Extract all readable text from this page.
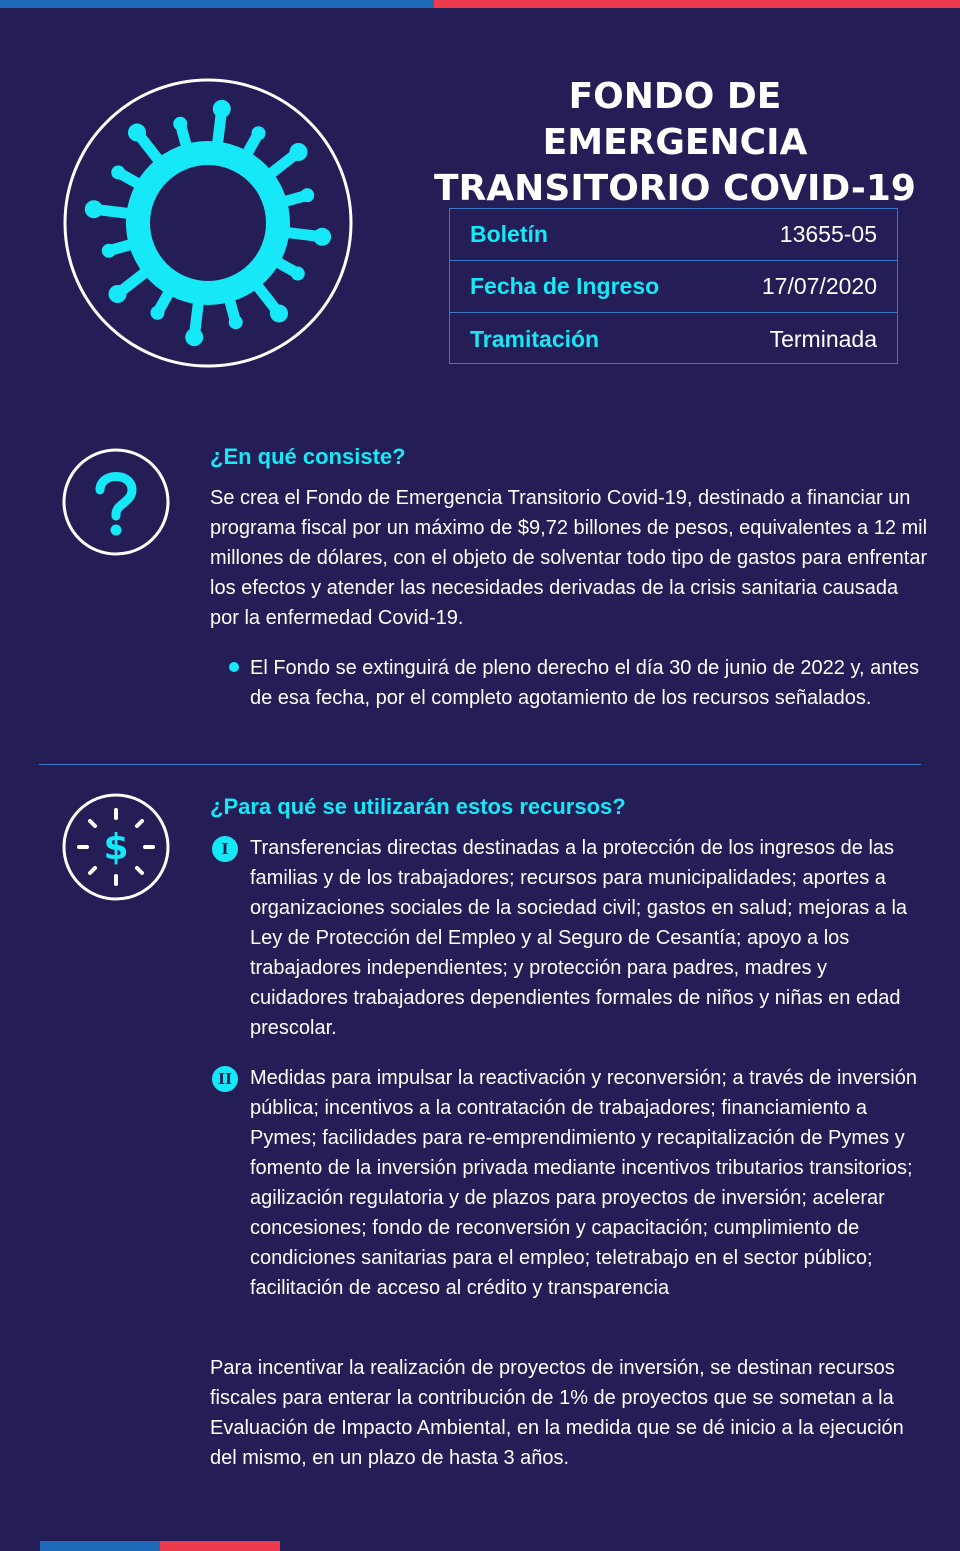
FONDO DE EMERGENCIA
TRANSITORIO COVID-19
Boletín	13655-05
Fecha de Ingreso	17/07/2020
Tramitación	Terminada
¿En qué consiste?

Se crea el Fondo de Emergencia Transitorio Covid-19, destinado a financiar un programa fiscal por un máximo de $9,72 billones de pesos, equivalentes a 12 mil millones de dólares, con el objeto de solventar todo tipo de gastos para enfrentar los efectos y atender las necesidades derivadas de la crisis sanitaria causada por la enfermedad Covid-19.

El Fondo se extinguirá de pleno derecho el día 30 de junio de 2022 y, antes de esa fecha, por el completo agotamiento de los recursos señalados.

$
¿Para qué se utilizarán estos recursos?
I	Transferencias directas destinadas a la protección de los ingresos de las familias y de los trabajadores; recursos para municipalidades; aportes a organizaciones sociales de la sociedad civil; gastos en salud; mejoras a la Ley de Protección del Empleo y al Seguro de Cesantía; apoyo a los trabajadores independientes; y protección para padres, madres y cuidadores trabajadores dependientes formales de niños y niñas en edad prescolar.

II Medidas para impulsar la reactivación y reconversión; a través de inversión pública; incentivos a la contratación de trabajadores; financiamiento a Pymes; facilidades para re-emprendimiento y recapitalización de Pymes y fomento de la inversión privada mediante incentivos tributarios transitorios; agilización regulatoria y de plazos para proyectos de inversión; acelerar concesiones; fondo de reconversión y capacitación; cumplimiento de condiciones sanitarias para el empleo; teletrabajo en el sector público; facilitación de acceso al crédito y transparencia

Para incentivar la realización de proyectos de inversión, se destinan recursos fiscales para enterar la contribución de 1% de proyectos que se sometan a la Evaluación de Impacto Ambiental, en la medida que se dé inicio a la ejecución del mismo, en un plazo de hasta 3 años.
